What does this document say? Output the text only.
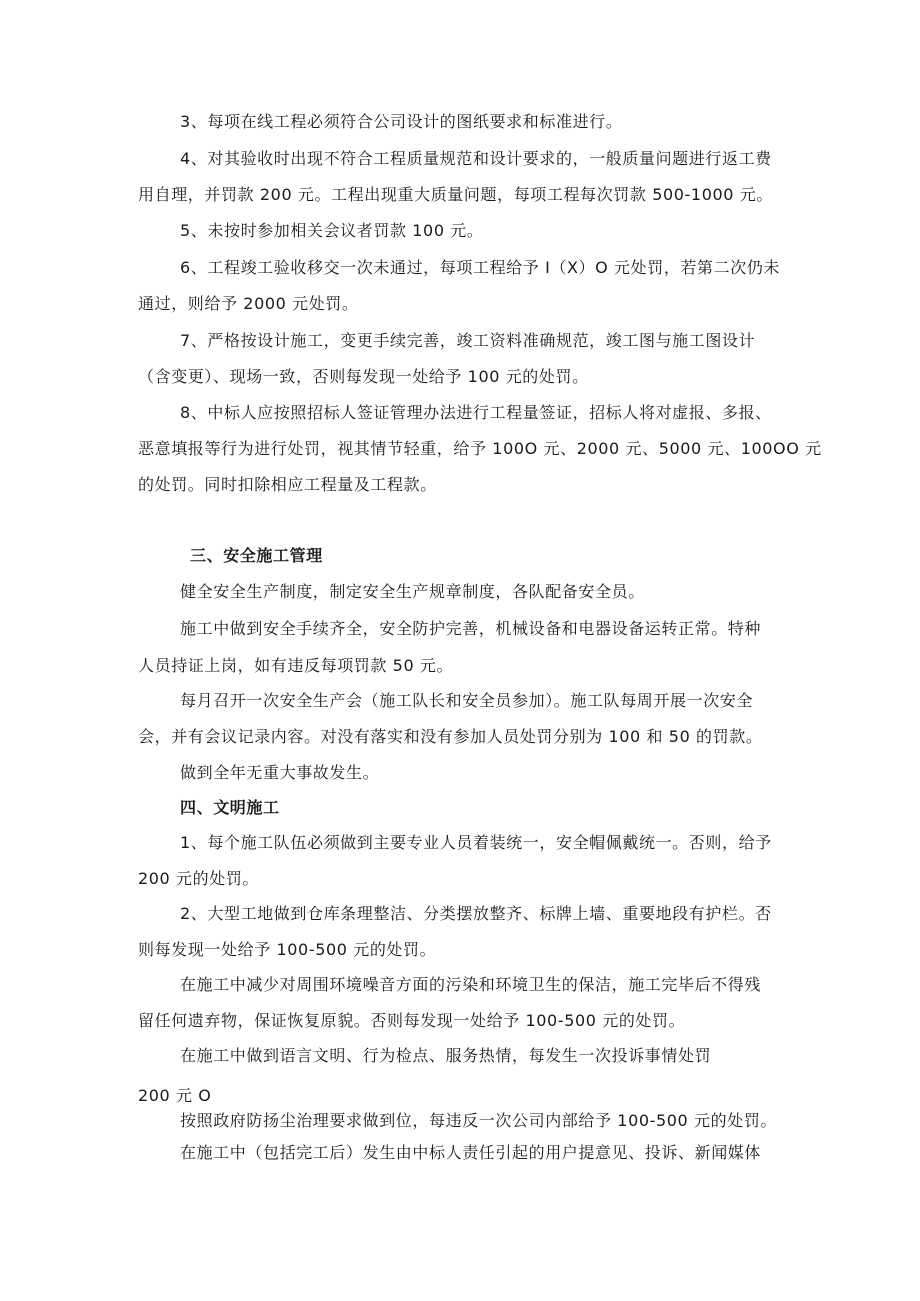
3、每项在线工程必须符合公司设计的图纸要求和标准进行。
4、对其验收时出现不符合工程质量规范和设计要求的，一般质量问题进行返工费
用自理，并罚款 200 元。工程出现重大质量问题，每项工程每次罚款 500-1000 元。
5、未按时参加相关会议者罚款 100 元。
6、工程竣工验收移交一次未通过，每项工程给予 I（X）O 元处罚，若第二次仍未
通过，则给予 2000 元处罚。
7、严格按设计施工，变更手续完善，竣工资料准确规范，竣工图与施工图设计
（含变更）、现场一致，否则每发现一处给予 100 元的处罚。
8、中标人应按照招标人签证管理办法进行工程量签证，招标人将对虚报、多报、
恶意填报等行为进行处罚，视其情节轻重，给予 100O 元、2000 元、5000 元、100OO 元
的处罚。同时扣除相应工程量及工程款。
三、安全施工管理
健全安全生产制度，制定安全生产规章制度，各队配备安全员。
施工中做到安全手续齐全，安全防护完善，机械设备和电器设备运转正常。特种
人员持证上岗，如有违反每项罚款 50 元。
每月召开一次安全生产会（施工队长和安全员参加）。施工队每周开展一次安全
会，并有会议记录内容。对没有落实和没有参加人员处罚分别为 100 和 50 的罚款。
做到全年无重大事故发生。
四、文明施工
1、每个施工队伍必须做到主要专业人员着装统一，安全帽佩戴统一。否则，给予
200 元的处罚。
2、大型工地做到仓库条理整洁、分类摆放整齐、标牌上墙、重要地段有护栏。否
则每发现一处给予 100-500 元的处罚。
在施工中减少对周围环境噪音方面的污染和环境卫生的保洁，施工完毕后不得残
留任何遗弃物，保证恢复原貌。否则每发现一处给予 100-500 元的处罚。
在施工中做到语言文明、行为检点、服务热情，每发生一次投诉事情处罚
200 元 O
按照政府防扬尘治理要求做到位，每违反一次公司内部给予 100-500 元的处罚。
在施工中（包括完工后）发生由中标人责任引起的用户提意见、投诉、新闻媒体
